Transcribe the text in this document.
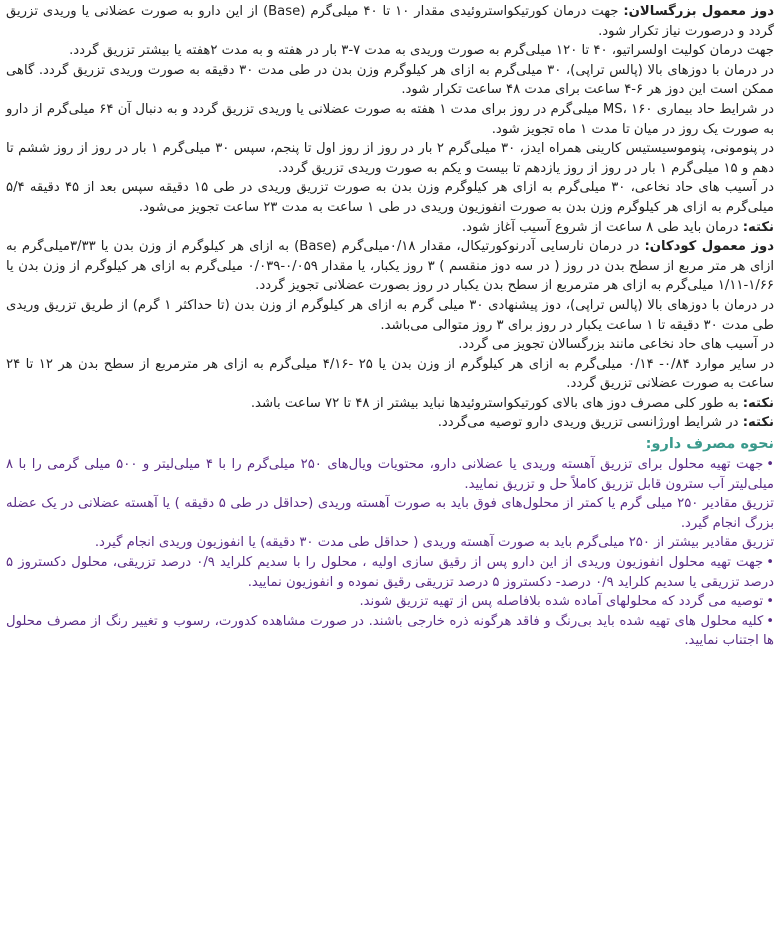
دوز معمول بزرگسالان: جهت درمان کورتیکواستروئیدی مقدار ۱۰ تا ۴۰ میلی‌گرم (Base) از این دارو به صورت عضلانی یا وریدی تزریق گردد و درصورت نیاز تکرار شود.

جهت درمان کولیت اولسراتیو، ۴۰ تا ۱۲۰ میلی‌گرم به صورت وریدی به مدت ۷-۳ بار در هفته و به مدت ۲هفته یا بیشتر تزریق گردد.

در درمان با دوزهای بالا (پالس تراپی)، ۳۰ میلی‌گرم به ازای هر کیلوگرم وزن بدن در طی مدت ۳۰ دقیقه به صورت وریدی تزریق گردد. گاهی ممکن است این دوز هر ۶-۴ ساعت برای مدت ۴۸ ساعت تکرار شود.

در شرایط حاد بیماری MS، ۱۶۰ میلی‌گرم در روز برای مدت ۱ هفته به صورت عضلانی یا وریدی تزریق گردد و به دنبال آن ۶۴ میلی‌گرم از دارو به صورت یک روز در میان تا مدت ۱ ماه تجویز شود.

در پنومونی، پنوموسیستیس کارینی همراه ایدز، ۳۰ میلی‌گرم ۲ بار در روز از روز اول تا پنجم، سپس ۳۰ میلی‌گرم ۱ بار در روز از روز ششم تا دهم و ۱۵ میلی‌گرم ۱ بار در روز از روز یازدهم تا بیست و یکم به صورت وریدی تزریق گردد.

در آسیب های حاد نخاعی، ۳۰ میلی‌گرم به ازای هر کیلوگرم وزن بدن به صورت تزریق وریدی در طی ۱۵ دقیقه سپس بعد از ۴۵ دقیقه ۵/۴ میلی‌گرم به ازای هر کیلوگرم وزن بدن به صورت انفوزیون وریدی در طی ۱ ساعت به مدت ۲۳ ساعت تجویز می‌شود.

نکته: درمان باید طی ۸ ساعت از شروع آسیب آغاز شود.

دوز معمول کودکان: در درمان نارسایی آدرنوکورتیکال، مقدار ۰/۱۸میلی‌گرم (Base) به ازای هر کیلوگرم از وزن بدن یا ۳/۳۳میلی‌گرم به ازای هر متر مربع از سطح بدن در روز ( در سه دوز منقسم ) ۳ روز یکبار، یا مقدار ۰/۰۵۹-۰/۰۳۹ میلی‌گرم به ازای هر کیلوگرم از وزن بدن یا ۱/۶۶-۱/۱۱ میلی‌گرم به ازای هر مترمربع از سطح بدن یکبار در روز بصورت عضلانی تجویز گردد.

در درمان با دوزهای بالا (پالس تراپی)، دوز پیشنهادی ۳۰ میلی گرم به ازای هر کیلوگرم از وزن بدن (تا حداکثر ۱ گرم) از طریق تزریق وریدی طی مدت ۳۰ دقیقه تا ۱ ساعت یکبار در روز برای ۳ روز متوالی می‌باشد.

در آسیب های حاد نخاعی مانند بزرگسالان تجویز می گردد.

در سایر موارد ۰/۸۴- ۰/۱۴ میلی‌گرم به ازای هر کیلوگرم از وزن بدن یا ۲۵ -۴/۱۶ میلی‌گرم به ازای هر مترمربع از سطح بدن هر ۱۲ تا ۲۴ ساعت به صورت عضلانی تزریق گردد.

نکته: به طور کلی مصرف دوز های بالای کورتیکواستروئیدها نباید بیشتر از ۴۸ تا ۷۲ ساعت باشد.

نکته: در شرایط اورژانسی تزریق وریدی دارو توصیه می‌گردد.

نحوه مصرف دارو:

•جهت تهیه محلول برای تزریق آهسته وریدی یا عضلانی دارو، محتویات ویال‌های ۲۵۰ میلی‌گرم را با ۴ میلی‌لیتر و ۵۰۰ میلی گرمی را با ۸ میلی‌لیتر آب سترون قابل تزریق کاملاً حل و تزریق نمایید.

تزریق مقادیر ۲۵۰ میلی گرم یا کمتر از محلول‌های فوق باید به صورت آهسته وریدی (حداقل در طی ۵ دقیقه ) یا آهسته عضلانی در یک عضله بزرگ انجام گیرد.

تزریق مقادیر بیشتر از ۲۵۰ میلی‌گرم باید به صورت آهسته وریدی ( حداقل طی مدت ۳۰ دقیقه) یا انفوزیون وریدی انجام گیرد.

•جهت تهیه محلول انفوزیون وریدی از این دارو پس از رقیق سازی اولیه ، محلول را با سدیم کلراید ۰/۹ درصد تزریقی، محلول دکستروز ۵ درصد تزریقی یا سدیم کلراید ۰/۹ درصد- دکستروز ۵ درصد تزریقی رقیق نموده و انفوزیون نمایید.

•توصیه می گردد که محلولهای آماده شده بلافاصله پس از تهیه تزریق شوند.

•کلیه محلول های تهیه شده باید بی‌رنگ و فاقد هرگونه ذره خارجی باشند. در صورت مشاهده کدورت، رسوب و تغییر رنگ از مصرف محلول ها اجتناب نمایید.
